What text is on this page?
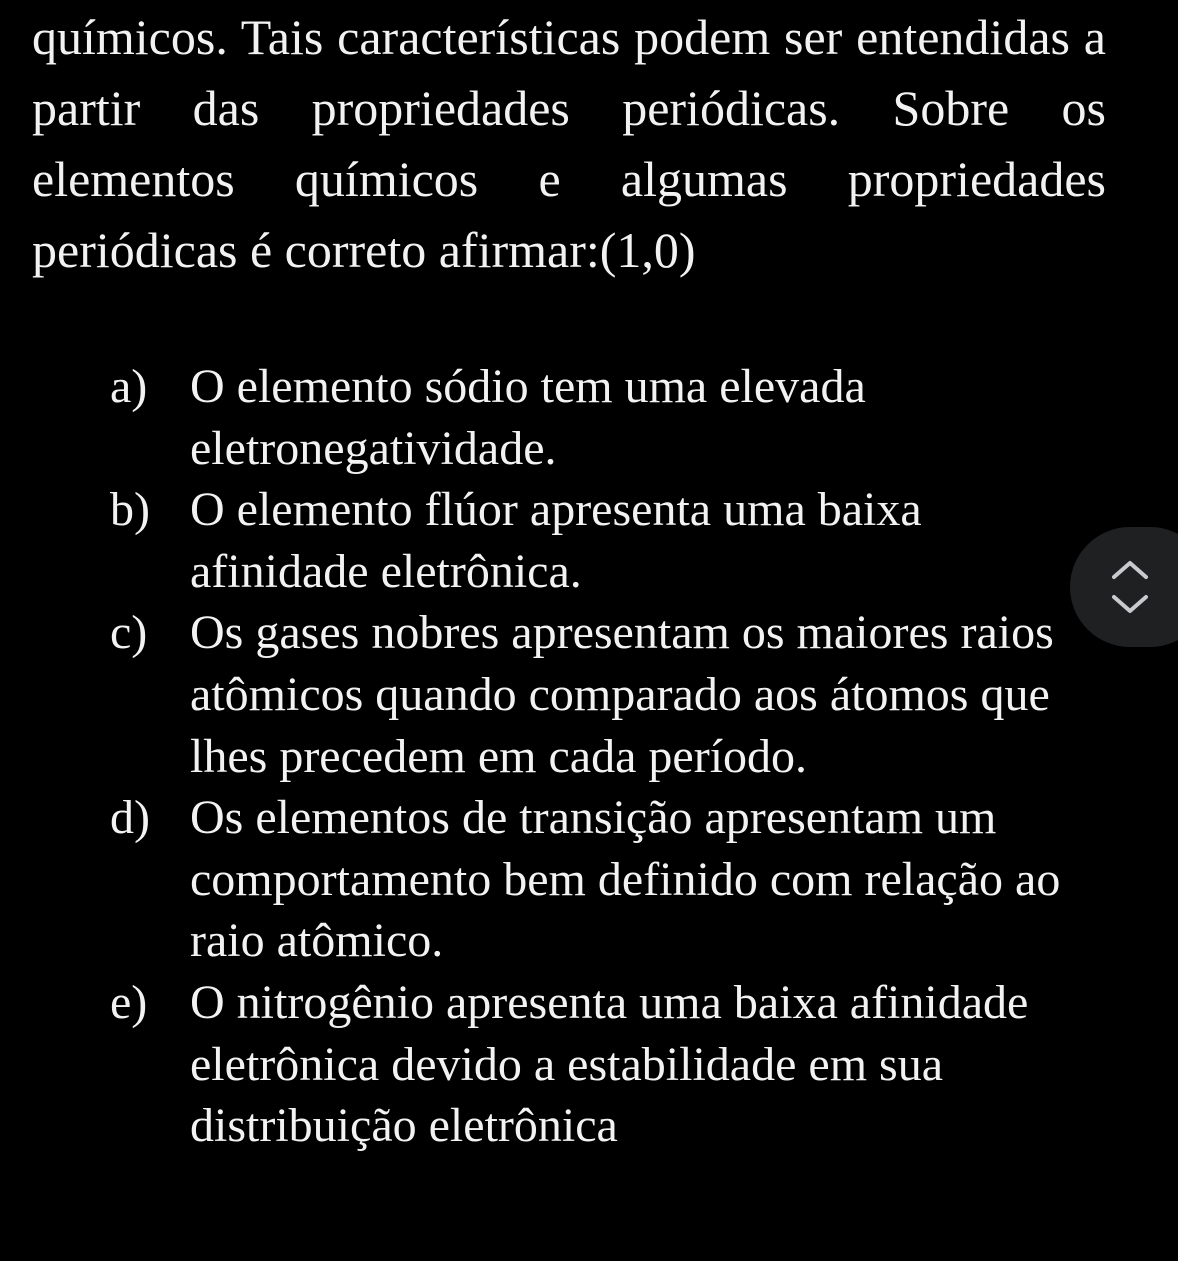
químicos. Tais características podem ser entendidas a partir das propriedades periódicas. Sobre os elementos químicos e algumas propriedades periódicas é correto afirmar:(1,0)

a) O elemento sódio tem uma elevada eletronegatividade.
b) O elemento flúor apresenta uma baixa afinidade eletrônica.
c) Os gases nobres apresentam os maiores raios atômicos quando comparado aos átomos que lhes precedem em cada período.
d) Os elementos de transição apresentam um comportamento bem definido com relação ao raio atômico.
e) O nitrogênio apresenta uma baixa afinidade eletrônica devido a estabilidade em sua distribuição eletrônica
